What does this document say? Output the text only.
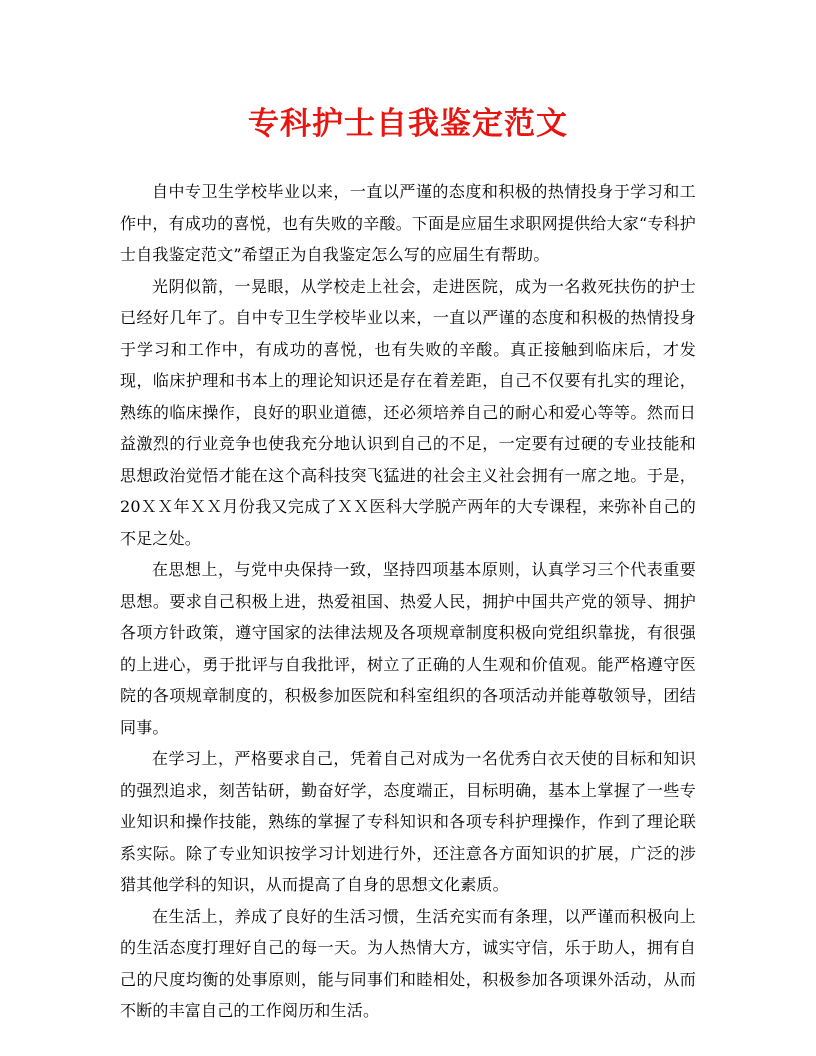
专科护士自我鉴定范文

自中专卫生学校毕业以来，一直以严谨的态度和积极的热情投身于学习和工作中，有成功的喜悦，也有失败的辛酸。下面是应届生求职网提供给大家“专科护士自我鉴定范文”希望正为自我鉴定怎么写的应届生有帮助。

光阴似箭，一晃眼，从学校走上社会，走进医院，成为一名救死扶伤的护士已经好几年了。自中专卫生学校毕业以来，一直以严谨的态度和积极的热情投身于学习和工作中，有成功的喜悦，也有失败的辛酸。真正接触到临床后，才发现，临床护理和书本上的理论知识还是存在着差距，自己不仅要有扎实的理论，熟练的临床操作，良好的职业道德，还必须培养自己的耐心和爱心等等。然而日益激烈的行业竞争也使我充分地认识到自己的不足，一定要有过硬的专业技能和思想政治觉悟才能在这个高科技突飞猛进的社会主义社会拥有一席之地。于是，20ＸＸ年ＸＸ月份我又完成了ＸＸ医科大学脱产两年的大专课程，来弥补自己的不足之处。

在思想上，与党中央保持一致，坚持四项基本原则，认真学习三个代表重要思想。要求自己积极上进，热爱祖国、热爱人民，拥护中国共产党的领导、拥护各项方针政策，遵守国家的法律法规及各项规章制度积极向党组织靠拢，有很强的上进心，勇于批评与自我批评，树立了正确的人生观和价值观。能严格遵守医院的各项规章制度的，积极参加医院和科室组织的各项活动并能尊敬领导，团结同事。

在学习上，严格要求自己，凭着自己对成为一名优秀白衣天使的目标和知识的强烈追求，刻苦钻研，勤奋好学，态度端正，目标明确，基本上掌握了一些专业知识和操作技能，熟练的掌握了专科知识和各项专科护理操作，作到了理论联系实际。除了专业知识按学习计划进行外，还注意各方面知识的扩展，广泛的涉猎其他学科的知识，从而提高了自身的思想文化素质。

在生活上，养成了良好的生活习惯，生活充实而有条理，以严谨而积极向上的生活态度打理好自己的每一天。为人热情大方，诚实守信，乐于助人，拥有自己的尺度均衡的处事原则，能与同事们和睦相处，积极参加各项课外活动，从而不断的丰富自己的工作阅历和生活。
